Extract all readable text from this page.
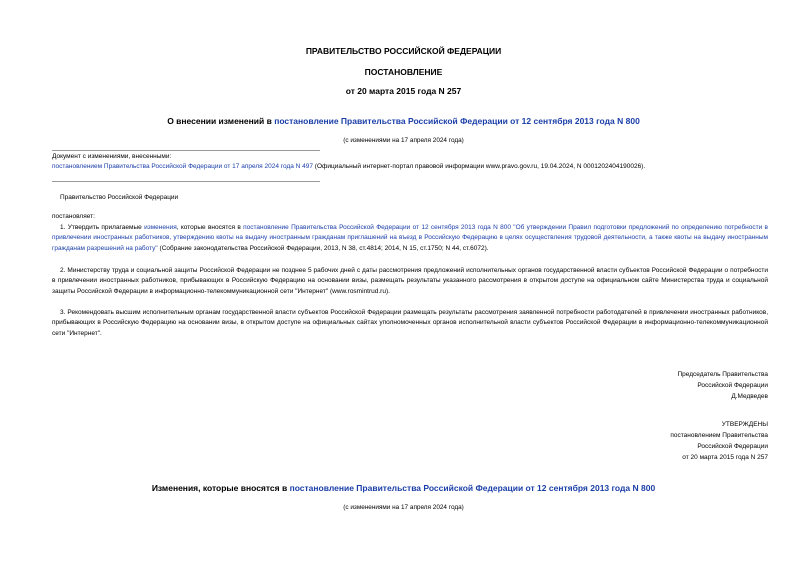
ПРАВИТЕЛЬСТВО РОССИЙСКОЙ ФЕДЕРАЦИИ
ПОСТАНОВЛЕНИЕ
от 20 марта 2015 года N 257
О внесении изменений в постановление Правительства Российской Федерации от 12 сентября 2013 года N 800
(с изменениями на 17 апреля 2024 года)
Документ с изменениями, внесенными:
постановлением Правительства Российской Федерации от 17 апреля 2024 года N 497 (Официальный интернет-портал правовой информации www.pravo.gov.ru, 19.04.2024, N 0001202404190026).
Правительство Российской Федерации
постановляет:
1. Утвердить прилагаемые изменения, которые вносятся в постановление Правительства Российской Федерации от 12 сентября 2013 года N 800 "Об утверждении Правил подготовки предложений по определению потребности в привлечении иностранных работников, утверждению квоты на выдачу иностранным гражданам приглашений на въезд в Российскую Федерацию в целях осуществления трудовой деятельности, а также квоты на выдачу иностранным гражданам разрешений на работу" (Собрание законодательства Российской Федерации, 2013, N 38, ст.4814; 2014, N 15, ст.1750; N 44, ст.6072).
2. Министерству труда и социальной защиты Российской Федерации не позднее 5 рабочих дней с даты рассмотрения предложений исполнительных органов государственной власти субъектов Российской Федерации о потребности в привлечении иностранных работников, прибывающих в Российскую Федерацию на основании визы, размещать результаты указанного рассмотрения в открытом доступе на официальном сайте Министерства труда и социальной защиты Российской Федерации в информационно-телекоммуникационной сети "Интернет" (www.rosmintrud.ru).
3. Рекомендовать высшим исполнительным органам государственной власти субъектов Российской Федерации размещать результаты рассмотрения заявленной потребности работодателей в привлечении иностранных работников, прибывающих в Российскую Федерацию на основании визы, в открытом доступе на официальных сайтах уполномоченных органов исполнительной власти субъектов Российской Федерации в информационно-телекоммуникационной сети "Интернет".
Председатель Правительства
Российской Федерации
Д.Медведев
УТВЕРЖДЕНЫ
постановлением Правительства
Российской Федерации
от 20 марта 2015 года N 257
Изменения, которые вносятся в постановление Правительства Российской Федерации от 12 сентября 2013 года N 800
(с изменениями на 17 апреля 2024 года)
